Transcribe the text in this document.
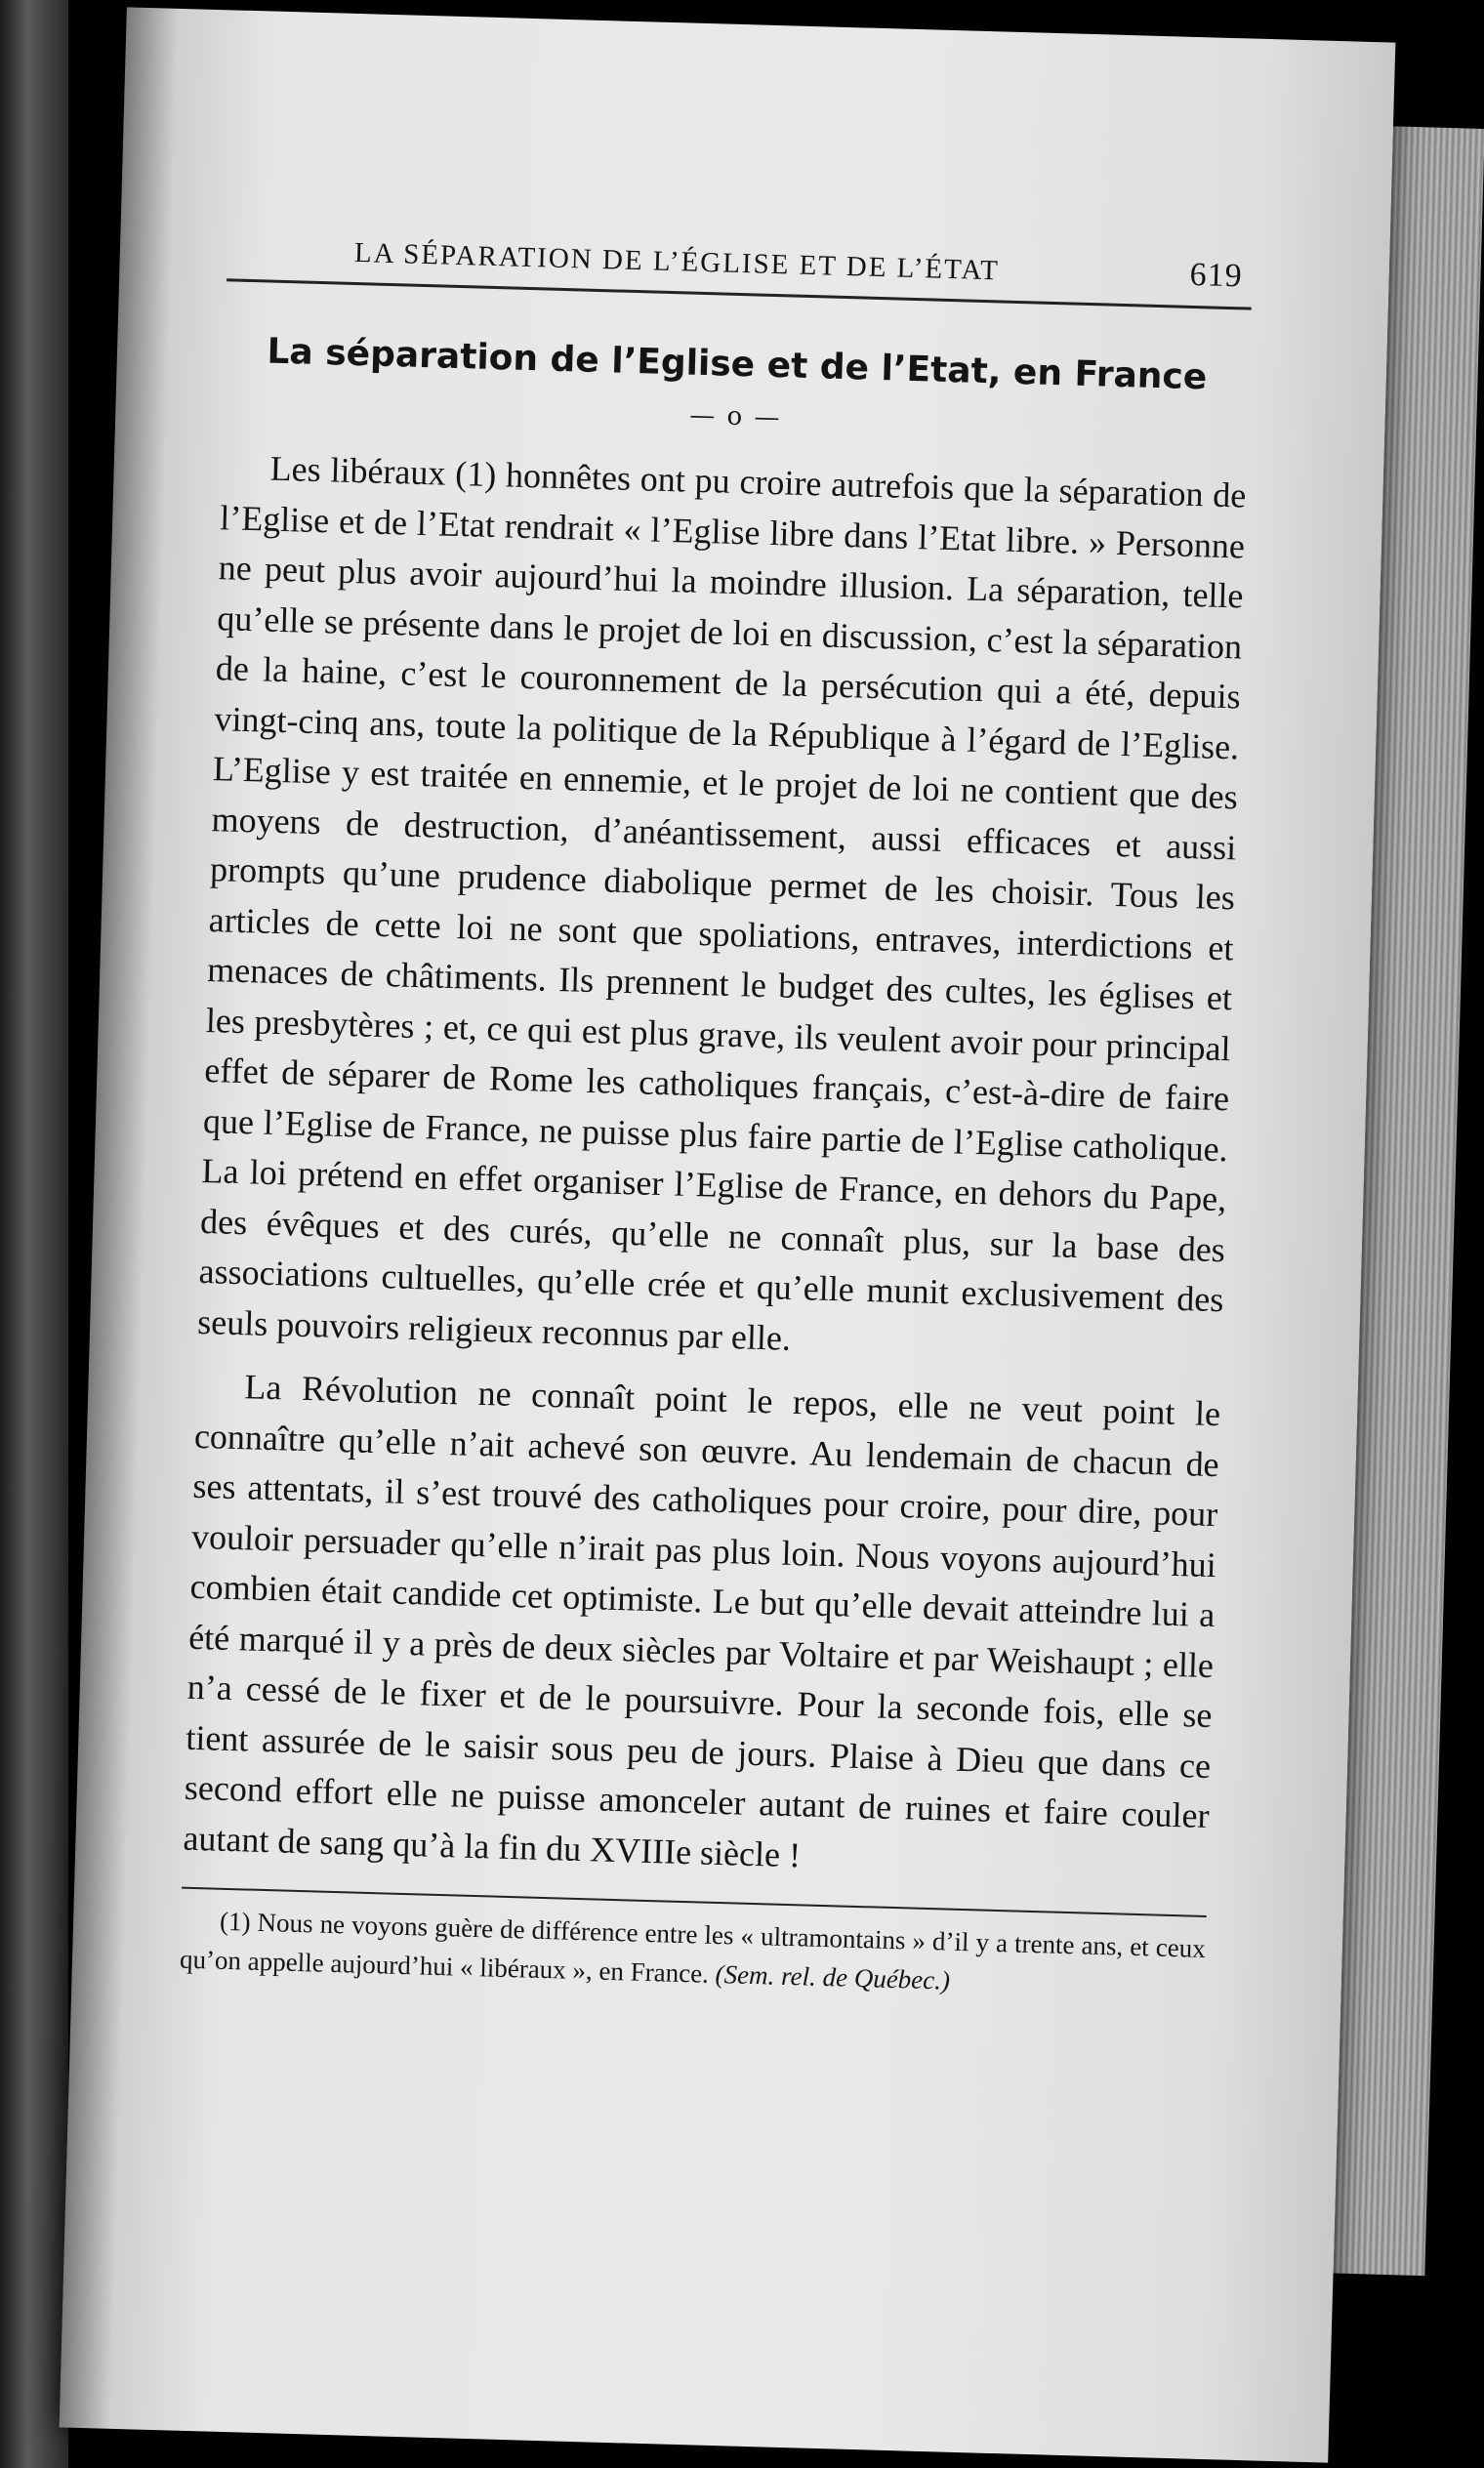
LA SÉPARATION DE L’ÉGLISE ET DE L’ÉTAT	619
La séparation de l’Eglise et de l’Etat, en France
— o —

Les libéraux (1) honnêtes ont pu croire autrefois que la séparation de l’Eglise et de l’Etat rendrait « l’Eglise libre dans l’Etat libre. » Personne ne peut plus avoir aujourd’hui la moindre illusion. La séparation, telle qu’elle se présente dans le projet de loi en discussion, c’est la séparation de la haine, c’est le couronnement de la persécution qui a été, depuis vingt-cinq ans, toute la politique de la République à l’égard de l’Eglise. L’Eglise y est traitée en ennemie, et le projet de loi ne contient que des moyens de destruction, d’anéantissement, aussi efficaces et aussi prompts qu’une prudence diabolique permet de les choisir. Tous les articles de cette loi ne sont que spoliations, entraves, interdictions et menaces de châtiments. Ils prennent le budget des cultes, les églises et les presbytères ; et, ce qui est plus grave, ils veulent avoir pour principal effet de séparer de Rome les catholiques français, c’est-à-dire de faire que l’Eglise de France, ne puisse plus faire partie de l’Eglise catholique. La loi prétend en effet organiser l’Eglise de France, en dehors du Pape, des évêques et des curés, qu’elle ne connaît plus, sur la base des associations cultuelles, qu’elle crée et qu’elle munit exclusivement des seuls pouvoirs religieux reconnus par elle.

La Révolution ne connaît point le repos, elle ne veut point le connaître qu’elle n’ait achevé son œuvre. Au lendemain de chacun de ses attentats, il s’est trouvé des catholiques pour croire, pour dire, pour vouloir persuader qu’elle n’irait pas plus loin. Nous voyons aujourd’hui combien était candide cet optimiste. Le but qu’elle devait atteindre lui a été marqué il y a près de deux siècles par Voltaire et par Weishaupt ; elle n’a cessé de le fixer et de le poursuivre. Pour la seconde fois, elle se tient assurée de le saisir sous peu de jours. Plaise à Dieu que dans ce second effort elle ne puisse amonceler autant de ruines et faire couler autant de sang qu’à la fin du XVIIIe siècle !

(1) Nous ne voyons guère de différence entre les « ultramontains » d’il y a trente ans, et ceux qu’on appelle aujourd’hui « libéraux », en France. (Sem. rel. de Québec.)
